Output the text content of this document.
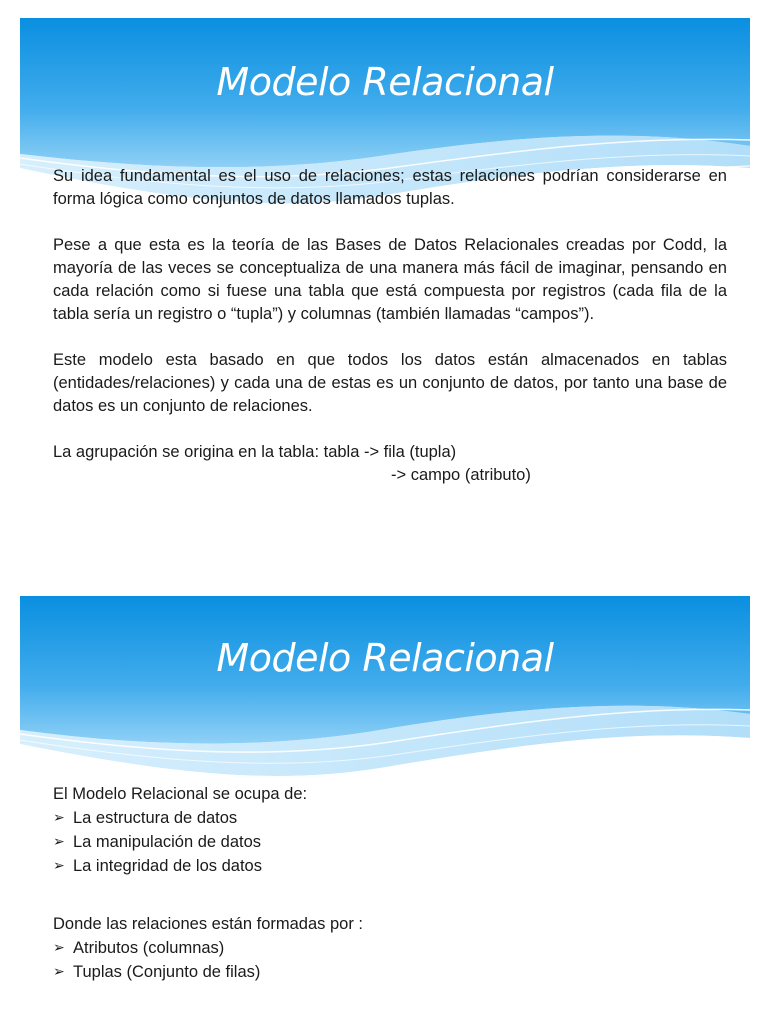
Modelo Relacional

Su idea fundamental es el uso de relaciones; estas relaciones podrían considerarse en forma lógica como conjuntos de datos llamados tuplas.

Pese a que esta es la teoría de las Bases de Datos Relacionales creadas por Codd, la mayoría de las veces se conceptualiza de una manera más fácil de imaginar, pensando en cada relación como si fuese una tabla que está compuesta por registros (cada fila de la tabla sería un registro o “tupla”) y columnas (también llamadas “campos”).

Este modelo esta basado en que todos los datos están almacenados en tablas (entidades/relaciones) y cada una de estas es un conjunto de datos, por tanto una base de datos es un conjunto de relaciones.

La agrupación se origina en la tabla: tabla -> fila (tupla)
-> campo (atributo)

Modelo Relacional
El Modelo Relacional se ocupa de:
➢ La estructura de datos
➢ La manipulación de datos
➢ La integridad de los datos
Donde las relaciones están formadas por :
➢ Atributos (columnas)
➢ Tuplas (Conjunto de filas)
